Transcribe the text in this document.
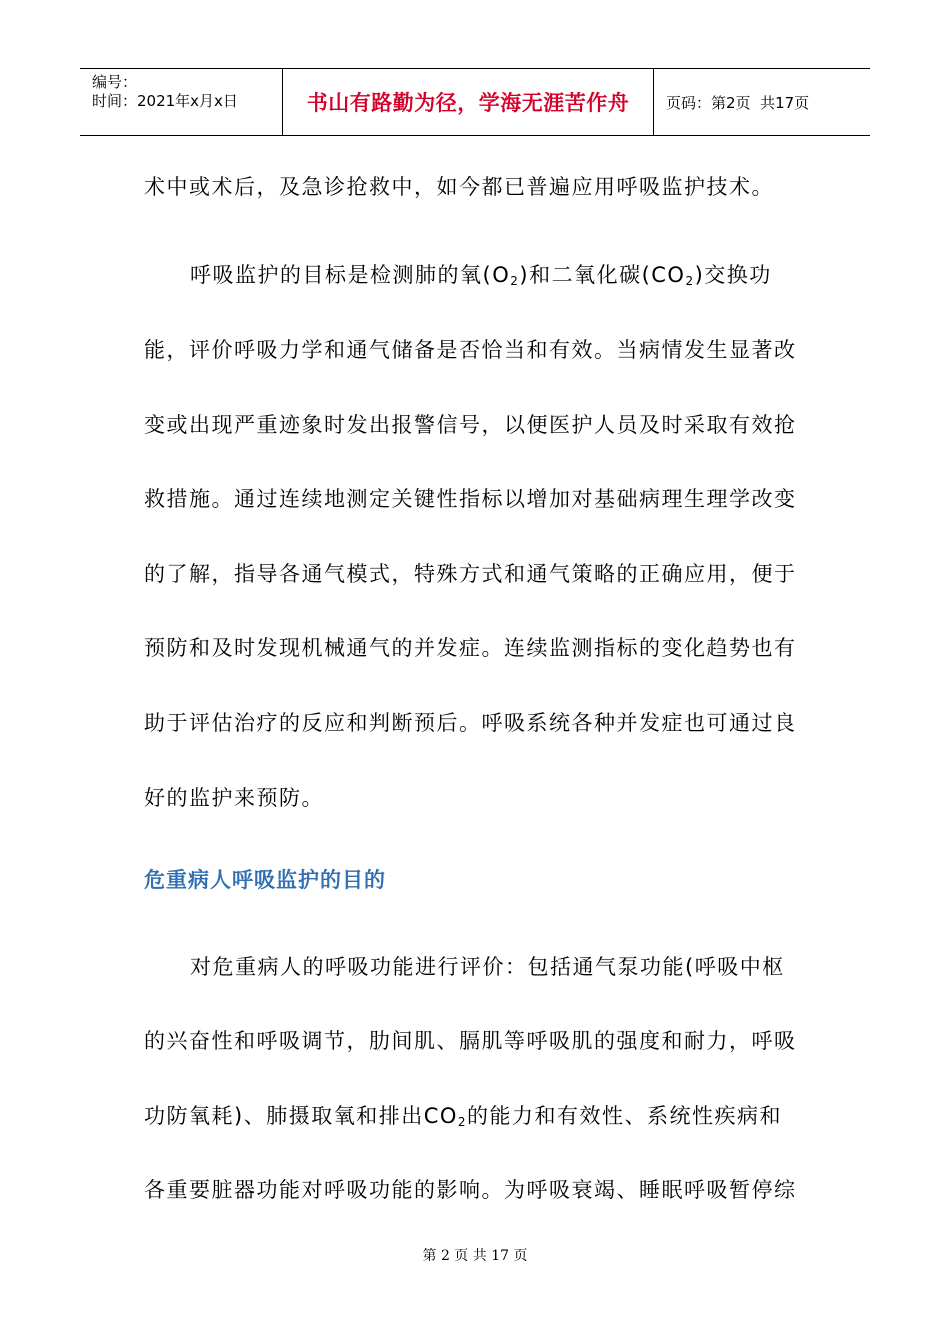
编号：
时间：2021年x月x日	书山有路勤为径，学海无涯苦作舟 页码：第2页  共17页
术中或术后，及急诊抢救中，如今都已普遍应用呼吸监护技术。
呼吸监护的目标是检测肺的氧$(O_2)$和二氧化碳$(CO_2)$交换功
能，评价呼吸力学和通气储备是否恰当和有效。当病情发生显著改
变或出现严重迹象时发出报警信号，以便医护人员及时采取有效抢
救措施。通过连续地测定关键性指标以增加对基础病理生理学改变
的了解，指导各通气模式，特殊方式和通气策略的正确应用，便于
预防和及时发现机械通气的并发症。连续监测指标的变化趋势也有
助于评估治疗的反应和判断预后。呼吸系统各种并发症也可通过良
好的监护来预防。
危重病人呼吸监护的目的
对危重病人的呼吸功能进行评价：包括通气泵功能(呼吸中枢
的兴奋性和呼吸调节，肋间肌、膈肌等呼吸肌的强度和耐力，呼吸
功防氧耗)、肺摄取氧和排出$CO_2$的能力和有效性、系统性疾病和
各重要脏器功能对呼吸功能的影响。为呼吸衰竭、睡眠呼吸暂停综
第 2 页 共 17 页
